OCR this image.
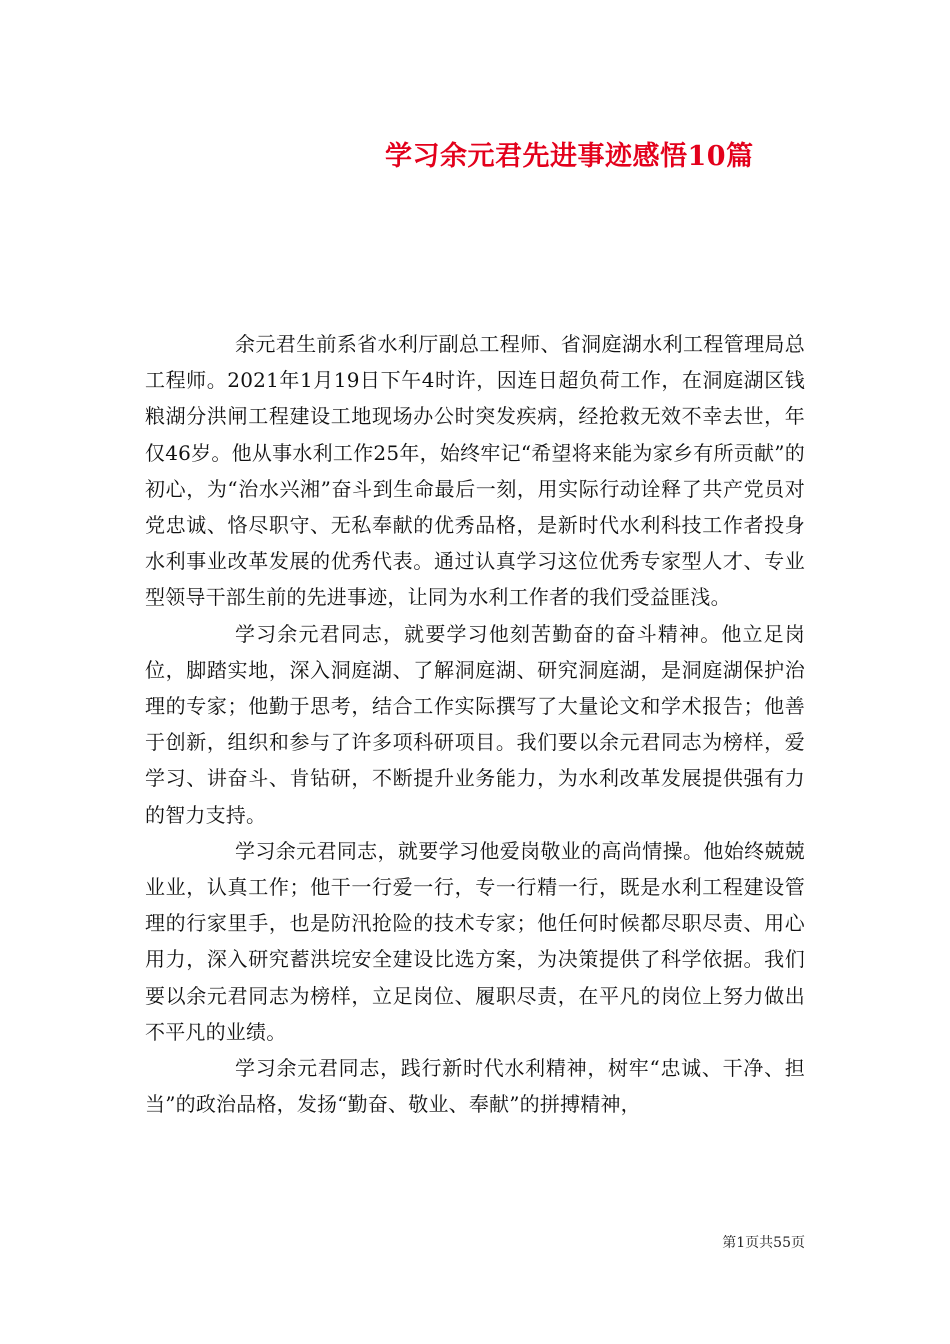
学习余元君先进事迹感悟10篇

余元君生前系省水利厅副总工程师、省洞庭湖水利工程管理局总工程师。2021年1月19日下午4时许，因连日超负荷工作，在洞庭湖区钱粮湖分洪闸工程建设工地现场办公时突发疾病，经抢救无效不幸去世，年仅46岁。他从事水利工作25年，始终牢记“希望将来能为家乡有所贡献”的初心，为“治水兴湘”奋斗到生命最后一刻，用实际行动诠释了共产党员对党忠诚、恪尽职守、无私奉献的优秀品格，是新时代水利科技工作者投身水利事业改革发展的优秀代表。通过认真学习这位优秀专家型人才、专业型领导干部生前的先进事迹，让同为水利工作者的我们受益匪浅。

学习余元君同志，就要学习他刻苦勤奋的奋斗精神。他立足岗位，脚踏实地，深入洞庭湖、了解洞庭湖、研究洞庭湖，是洞庭湖保护治理的专家；他勤于思考，结合工作实际撰写了大量论文和学术报告；他善于创新，组织和参与了许多项科研项目。我们要以余元君同志为榜样，爱学习、讲奋斗、肯钻研，不断提升业务能力，为水利改革发展提供强有力的智力支持。

学习余元君同志，就要学习他爱岗敬业的高尚情操。他始终兢兢业业，认真工作；他干一行爱一行，专一行精一行，既是水利工程建设管理的行家里手，也是防汛抢险的技术专家；他任何时候都尽职尽责、用心用力，深入研究蓄洪垸安全建设比选方案，为决策提供了科学依据。我们要以余元君同志为榜样，立足岗位、履职尽责，在平凡的岗位上努力做出不平凡的业绩。

学习余元君同志，践行新时代水利精神，树牢“忠诚、干净、担当”的政治品格，发扬“勤奋、敬业、奉献”的拼搏精神，

第1页共55页
